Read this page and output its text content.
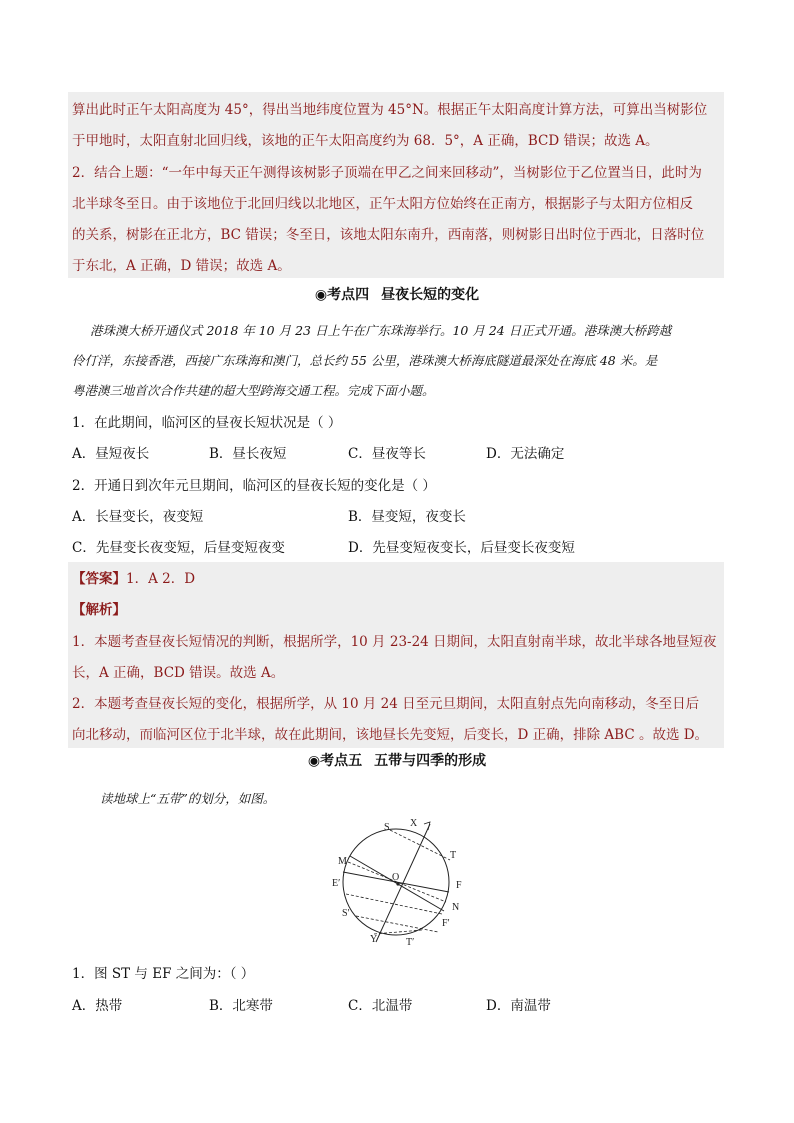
算出此时正午太阳高度为 45°，得出当地纬度位置为 45°N。根据正午太阳高度计算方法，可算出当树影位
于甲地时，太阳直射北回归线，该地的正午太阳高度约为 68．5°，A 正确，BCD 错误；故选 A。
2．结合上题：“一年中每天正午测得该树影子顶端在甲乙之间来回移动”，当树影位于乙位置当日，此时为
北半球冬至日。由于该地位于北回归线以北地区，正午太阳方位始终在正南方，根据影子与太阳方位相反
的关系，树影在正北方，BC 错误；冬至日，该地太阳东南升，西南落，则树影日出时位于西北，日落时位
于东北，A 正确，D 错误；故选 A。
◉考点四 昼夜长短的变化
港珠澳大桥开通仪式 2018 年 10 月 23 日上午在广东珠海举行。10 月 24 日正式开通。港珠澳大桥跨越
伶仃洋，东接香港，西接广东珠海和澳门，总长约 55 公里，港珠澳大桥海底隧道最深处在海底 48 米。是
粤港澳三地首次合作共建的超大型跨海交通工程。完成下面小题。
1．在此期间，临河区的昼夜长短状况是（ ）
A．昼短夜长	B．昼长夜短	C．昼夜等长	D．无法确定
2．开通日到次年元旦期间，临河区的昼夜长短的变化是（ ）
A．长昼变长，夜变短	B．昼变短，夜变长
C．先昼变长夜变短，后昼变短夜变	D．先昼变短夜变长，后昼变长夜变短
【答案】1．A 2．D
【解析】
1．本题考查昼夜长短情况的判断，根据所学，10 月 23-24 日期间，太阳直射南半球，故北半球各地昼短夜
长，A 正确，BCD 错误。故选 A。
2．本题考查昼夜长短的变化，根据所学，从 10 月 24 日至元旦期间，太阳直射点先向南移动，冬至日后
向北移动，而临河区位于北半球，故在此期间，该地昼长先变短，后变长，D 正确，排除 ABC 。故选 D。
◉考点五 五带与四季的形成
读地球上“五带”的划分，如图。
S X
T
M
E′
O
F
N
S′
F′
Y	T′
1．图 ST 与 EF 之间为：（ ）
A．热带	B．北寒带	C．北温带	D．南温带
